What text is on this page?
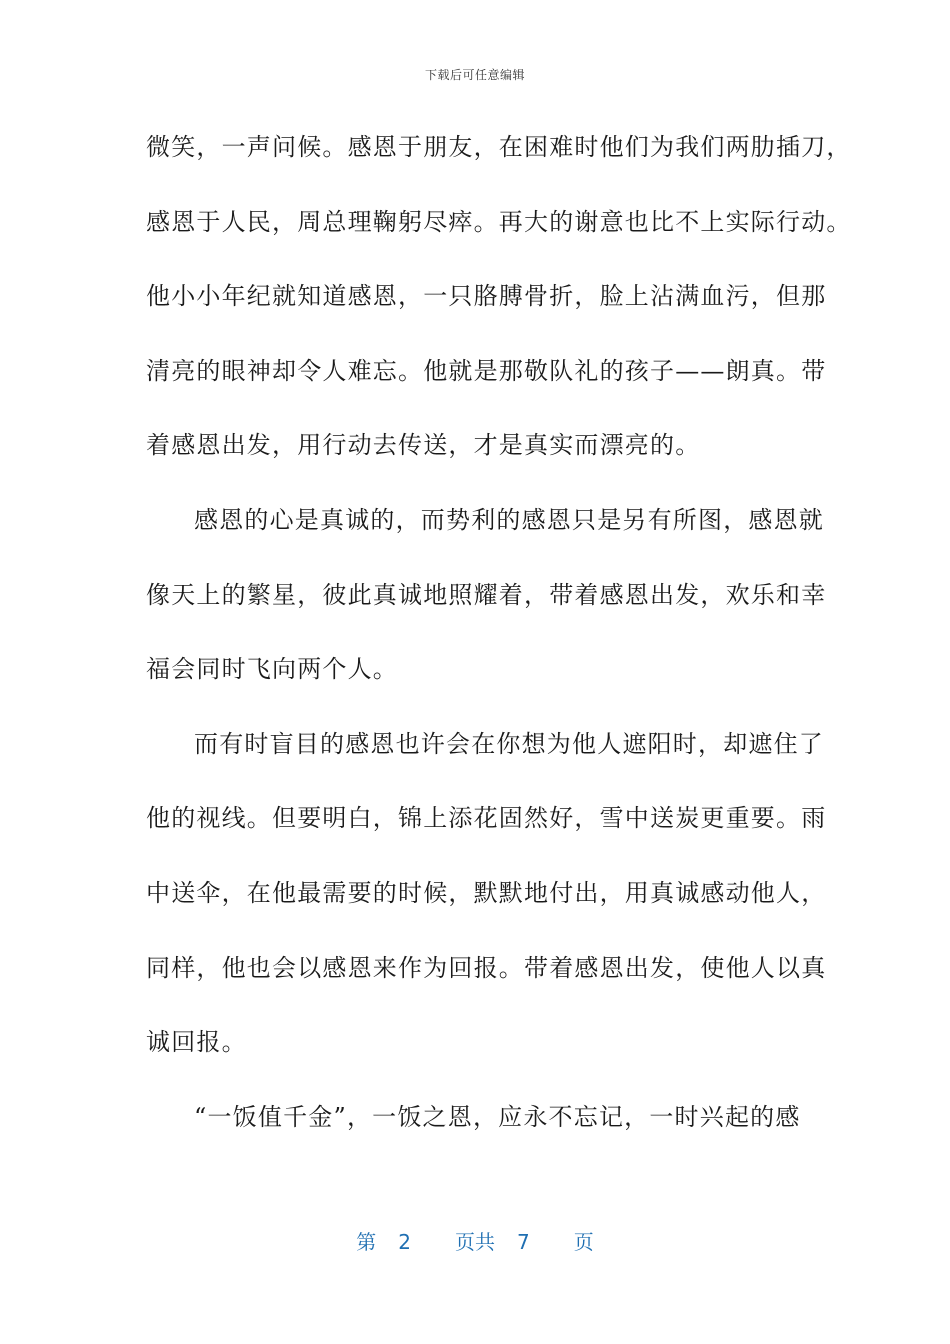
下载后可任意编辑
微笑，一声问候。感恩于朋友，在困难时他们为我们两肋插刀，
感恩于人民，周总理鞠躬尽瘁。再大的谢意也比不上实际行动。
他小小年纪就知道感恩，一只胳膊骨折，脸上沾满血污，但那
清亮的眼神却令人难忘。他就是那敬队礼的孩子——朗真。带
着感恩出发，用行动去传送，才是真实而漂亮的。
感恩的心是真诚的，而势利的感恩只是另有所图，感恩就
像天上的繁星，彼此真诚地照耀着，带着感恩出发，欢乐和幸
福会同时飞向两个人。
而有时盲目的感恩也许会在你想为他人遮阳时，却遮住了
他的视线。但要明白，锦上添花固然好，雪中送炭更重要。雨
中送伞，在他最需要的时候，默默地付出，用真诚感动他人，
同样，他也会以感恩来作为回报。带着感恩出发，使他人以真
诚回报。
“一饭值千金”，一饭之恩，应永不忘记，一时兴起的感
第 2 页共 7 页
